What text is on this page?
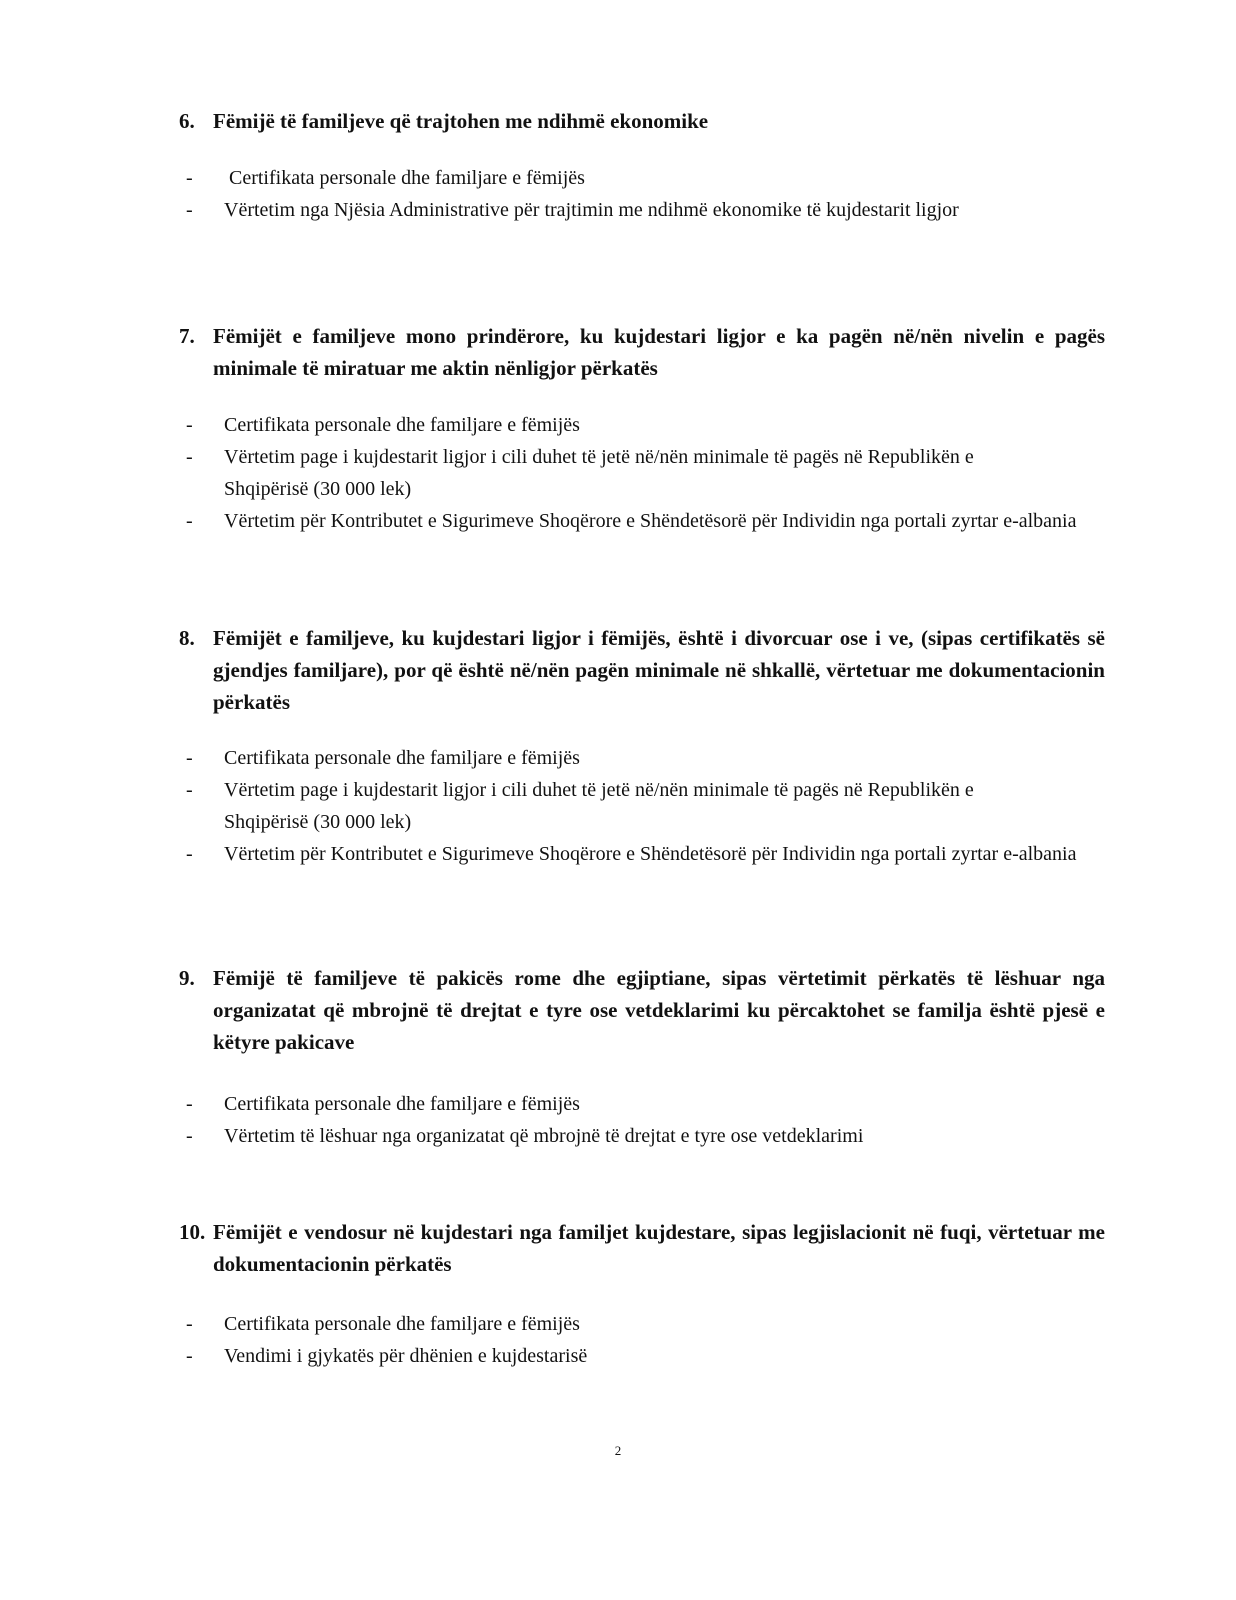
6. Fëmijë të familjeve që trajtohen me ndihmë ekonomike
- Certifikata personale dhe familjare e fëmijës
- Vërtetim nga Njësia Administrative për trajtimin me ndihmë ekonomike të kujdestarit ligjor
7. Fëmijët e familjeve mono prindërore, ku kujdestari ligjor e ka pagën në/nën nivelin e pagës minimale të miratuar me aktin nënligjor përkatës
- Certifikata personale dhe familjare e fëmijës
- Vërtetim page i kujdestarit ligjor i cili duhet të jetë në/nën minimale të pagës në Republikën e Shqipërisë (30 000 lek)
- Vërtetim për Kontributet e Sigurimeve Shoqërore e Shëndetësorë për Individin nga portali zyrtar e-albania
8. Fëmijët e familjeve, ku kujdestari ligjor i fëmijës, është i divorcuar ose i ve, (sipas certifikatës së gjendjes familjare), por që është në/nën pagën minimale në shkallë, vërtetuar me dokumentacionin përkatës
- Certifikata personale dhe familjare e fëmijës
- Vërtetim page i kujdestarit ligjor i cili duhet të jetë në/nën minimale të pagës në Republikën e Shqipërisë (30 000 lek)
- Vërtetim për Kontributet e Sigurimeve Shoqërore e Shëndetësorë për Individin nga portali zyrtar e-albania
9. Fëmijë të familjeve të pakicës rome dhe egjiptiane, sipas vërtetimit përkatës të lëshuar nga organizatat që mbrojnë të drejtat e tyre ose vetdeklarimi ku përcaktohet se familja është pjesë e këtyre pakicave
- Certifikata personale dhe familjare e fëmijës
- Vërtetim të lëshuar nga organizatat që mbrojnë të drejtat e tyre ose vetdeklarimi
10. Fëmijët e vendosur në kujdestari nga familjet kujdestare, sipas legjislacionit në fuqi, vërtetuar me dokumentacionin përkatës
- Certifikata personale dhe familjare e fëmijës
- Vendimi i gjykatës për dhënien e kujdestarisë
2
